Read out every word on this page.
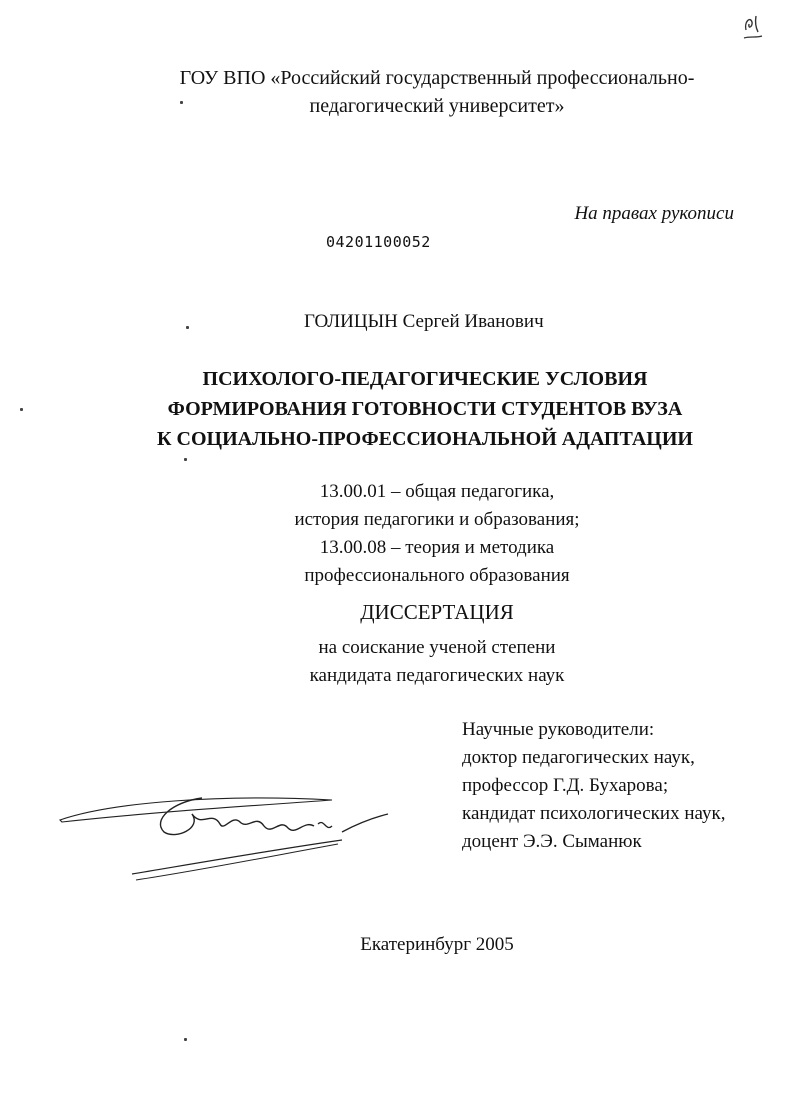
ГОУ ВПО «Российский государственный профессионально-
педагогический университет»
На правах рукописи
04201100052
ГОЛИЦЫН Сергей Иванович
ПСИХОЛОГО-ПЕДАГОГИЧЕСКИЕ УСЛОВИЯ
ФОРМИРОВАНИЯ ГОТОВНОСТИ СТУДЕНТОВ ВУЗА
К СОЦИАЛЬНО-ПРОФЕССИОНАЛЬНОЙ АДАПТАЦИИ
13.00.01 – общая педагогика,
история педагогики и образования;
13.00.08 – теория и методика
профессионального образования
ДИССЕРТАЦИЯ
на соискание ученой степени
кандидата педагогических наук
Научные руководители:
доктор педагогических наук,
профессор Г.Д. Бухарова;
кандидат психологических наук,
доцент Э.Э. Сыманюк
Екатеринбург 2005
